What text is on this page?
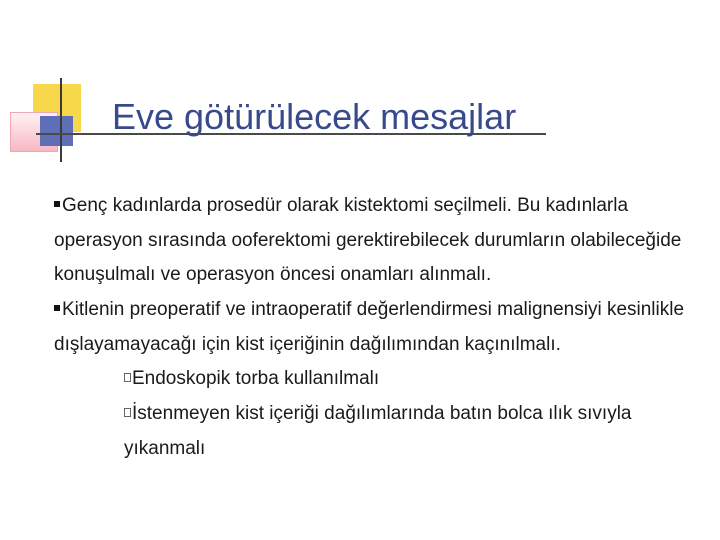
Eve götürülecek mesajlar
Genç kadınlarda prosedür olarak kistektomi seçilmeli. Bu kadınlarla operasyon sırasında ooferektomi gerektirebilecek durumların olabileceğide konuşulmalı ve operasyon öncesi onamları alınmalı.
Kitlenin preoperatif ve intraoperatif değerlendirmesi malignensiyi kesinlikle dışlayamayacağı için kist içeriğinin dağılımından kaçınılmalı.
Endoskopik torba kullanılmalı
İstenmeyen kist içeriği dağılımlarında batın bolca ılık sıvıyla yıkanmalı
